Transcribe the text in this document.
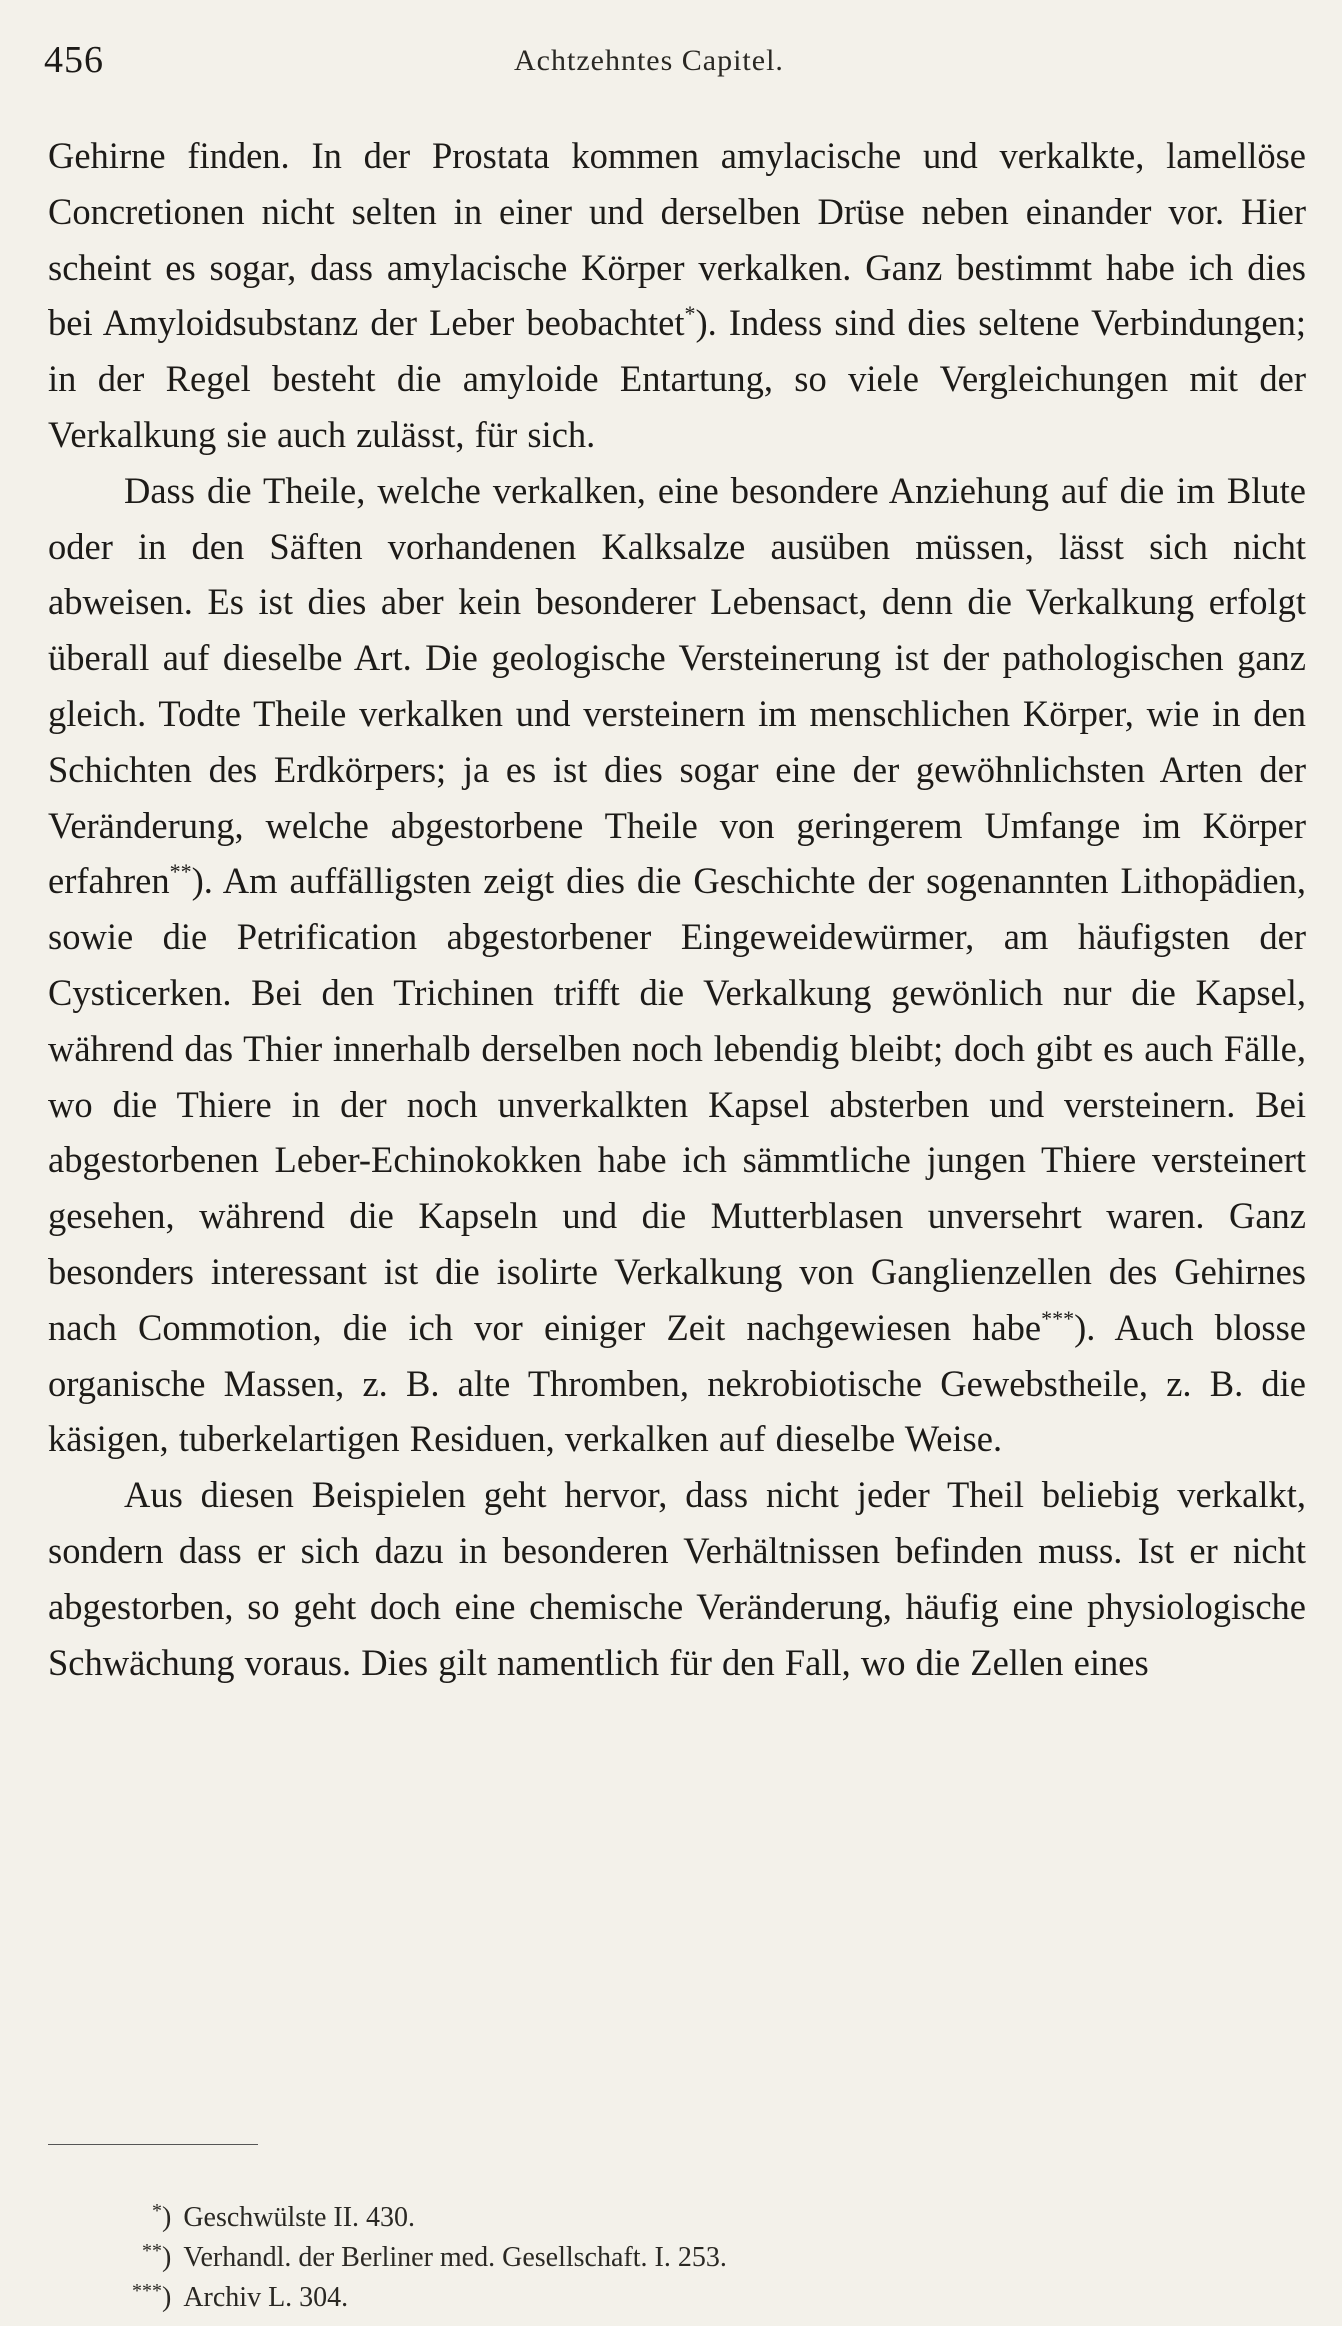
456	Achtzehntes Capitel.

Gehirne finden. In der Prostata kommen amylacische und verkalkte, lamellöse Concretionen nicht selten in einer und derselben Drüse neben einander vor. Hier scheint es sogar, dass amylacische Körper verkalken. Ganz bestimmt habe ich dies bei Amyloidsubstanz der Leber beobachtet*). Indess sind dies seltene Verbindungen; in der Regel besteht die amyloide Entartung, so viele Vergleichungen mit der Verkalkung sie auch zulässt, für sich.

Dass die Theile, welche verkalken, eine besondere Anziehung auf die im Blute oder in den Säften vorhandenen Kalksalze ausüben müssen, lässt sich nicht abweisen. Es ist dies aber kein besonderer Lebensact, denn die Verkalkung erfolgt überall auf dieselbe Art. Die geologische Versteinerung ist der pathologischen ganz gleich. Todte Theile verkalken und versteinern im menschlichen Körper, wie in den Schichten des Erdkörpers; ja es ist dies sogar eine der gewöhnlichsten Arten der Veränderung, welche abgestorbene Theile von geringerem Umfange im Körper erfahren**). Am auffälligsten zeigt dies die Geschichte der sogenannten Lithopädien, sowie die Petrification abgestorbener Eingeweidewürmer, am häufigsten der Cysticerken. Bei den Trichinen trifft die Verkalkung gewönlich nur die Kapsel, während das Thier innerhalb derselben noch lebendig bleibt; doch gibt es auch Fälle, wo die Thiere in der noch unverkalkten Kapsel absterben und versteinern. Bei abgestorbenen Leber-Echinokokken habe ich sämmtliche jungen Thiere versteinert gesehen, während die Kapseln und die Mutterblasen unversehrt waren. Ganz besonders interessant ist die isolirte Verkalkung von Ganglienzellen des Gehirnes nach Commotion, die ich vor einiger Zeit nachgewiesen habe***). Auch blosse organische Massen, z. B. alte Thromben, nekrobiotische Gewebstheile, z. B. die käsigen, tuberkelartigen Residuen, verkalken auf dieselbe Weise.

Aus diesen Beispielen geht hervor, dass nicht jeder Theil beliebig verkalkt, sondern dass er sich dazu in besonderen Verhältnissen befinden muss. Ist er nicht abgestorben, so geht doch eine chemische Veränderung, häufig eine physiologische Schwächung voraus. Dies gilt namentlich für den Fall, wo die Zellen eines

* ) Geschwülste II. 430.
** ) Verhandl. der Berliner med. Gesellschaft. I. 253.
*** ) Archiv L. 304.
